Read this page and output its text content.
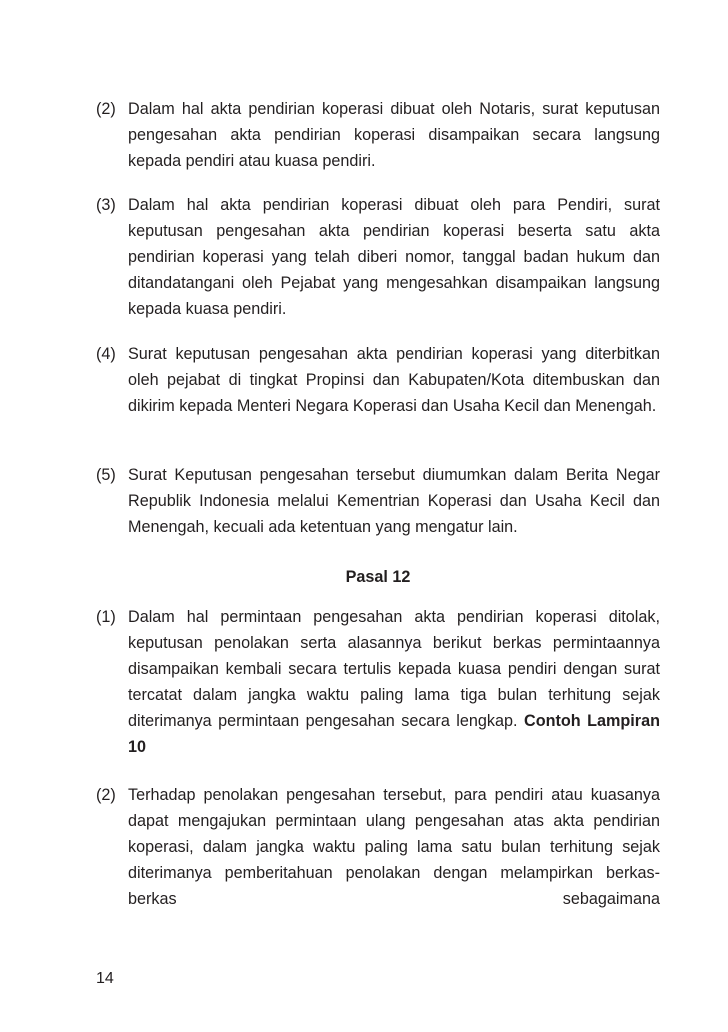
(2) Dalam hal akta pendirian koperasi dibuat oleh Notaris, surat keputusan pengesahan akta pendirian koperasi disampaikan secara langsung kepada pendiri atau kuasa pendiri.
(3) Dalam hal akta pendirian koperasi dibuat oleh para Pendiri, surat keputusan pengesahan akta pendirian koperasi beserta satu akta pendirian koperasi yang telah diberi nomor, tanggal badan hukum dan ditandatangani oleh Pejabat yang mengesahkan disampaikan langsung kepada kuasa pendiri.
(4) Surat keputusan pengesahan akta pendirian koperasi yang diterbitkan oleh pejabat di tingkat Propinsi dan Kabupaten/Kota ditembuskan dan dikirim kepada Menteri Negara Koperasi dan Usaha Kecil dan Menengah.
(5) Surat Keputusan pengesahan tersebut diumumkan dalam Berita Negar Republik Indonesia melalui Kementrian Koperasi dan Usaha Kecil dan Menengah, kecuali ada ketentuan yang mengatur lain.
Pasal 12
(1) Dalam hal permintaan pengesahan akta pendirian koperasi ditolak, keputusan penolakan serta alasannya berikut berkas permintaannya disampaikan kembali secara tertulis kepada kuasa pendiri dengan surat tercatat dalam jangka waktu paling lama tiga bulan terhitung sejak diterimanya permintaan pengesahan secara lengkap. Contoh Lampiran 10
(2) Terhadap penolakan pengesahan tersebut, para pendiri atau kuasanya dapat mengajukan permintaan ulang pengesahan atas akta pendirian koperasi, dalam jangka waktu paling lama satu bulan terhitung sejak diterimanya pemberitahuan penolakan dengan melampirkan berkas-berkas sebagaimana
14
